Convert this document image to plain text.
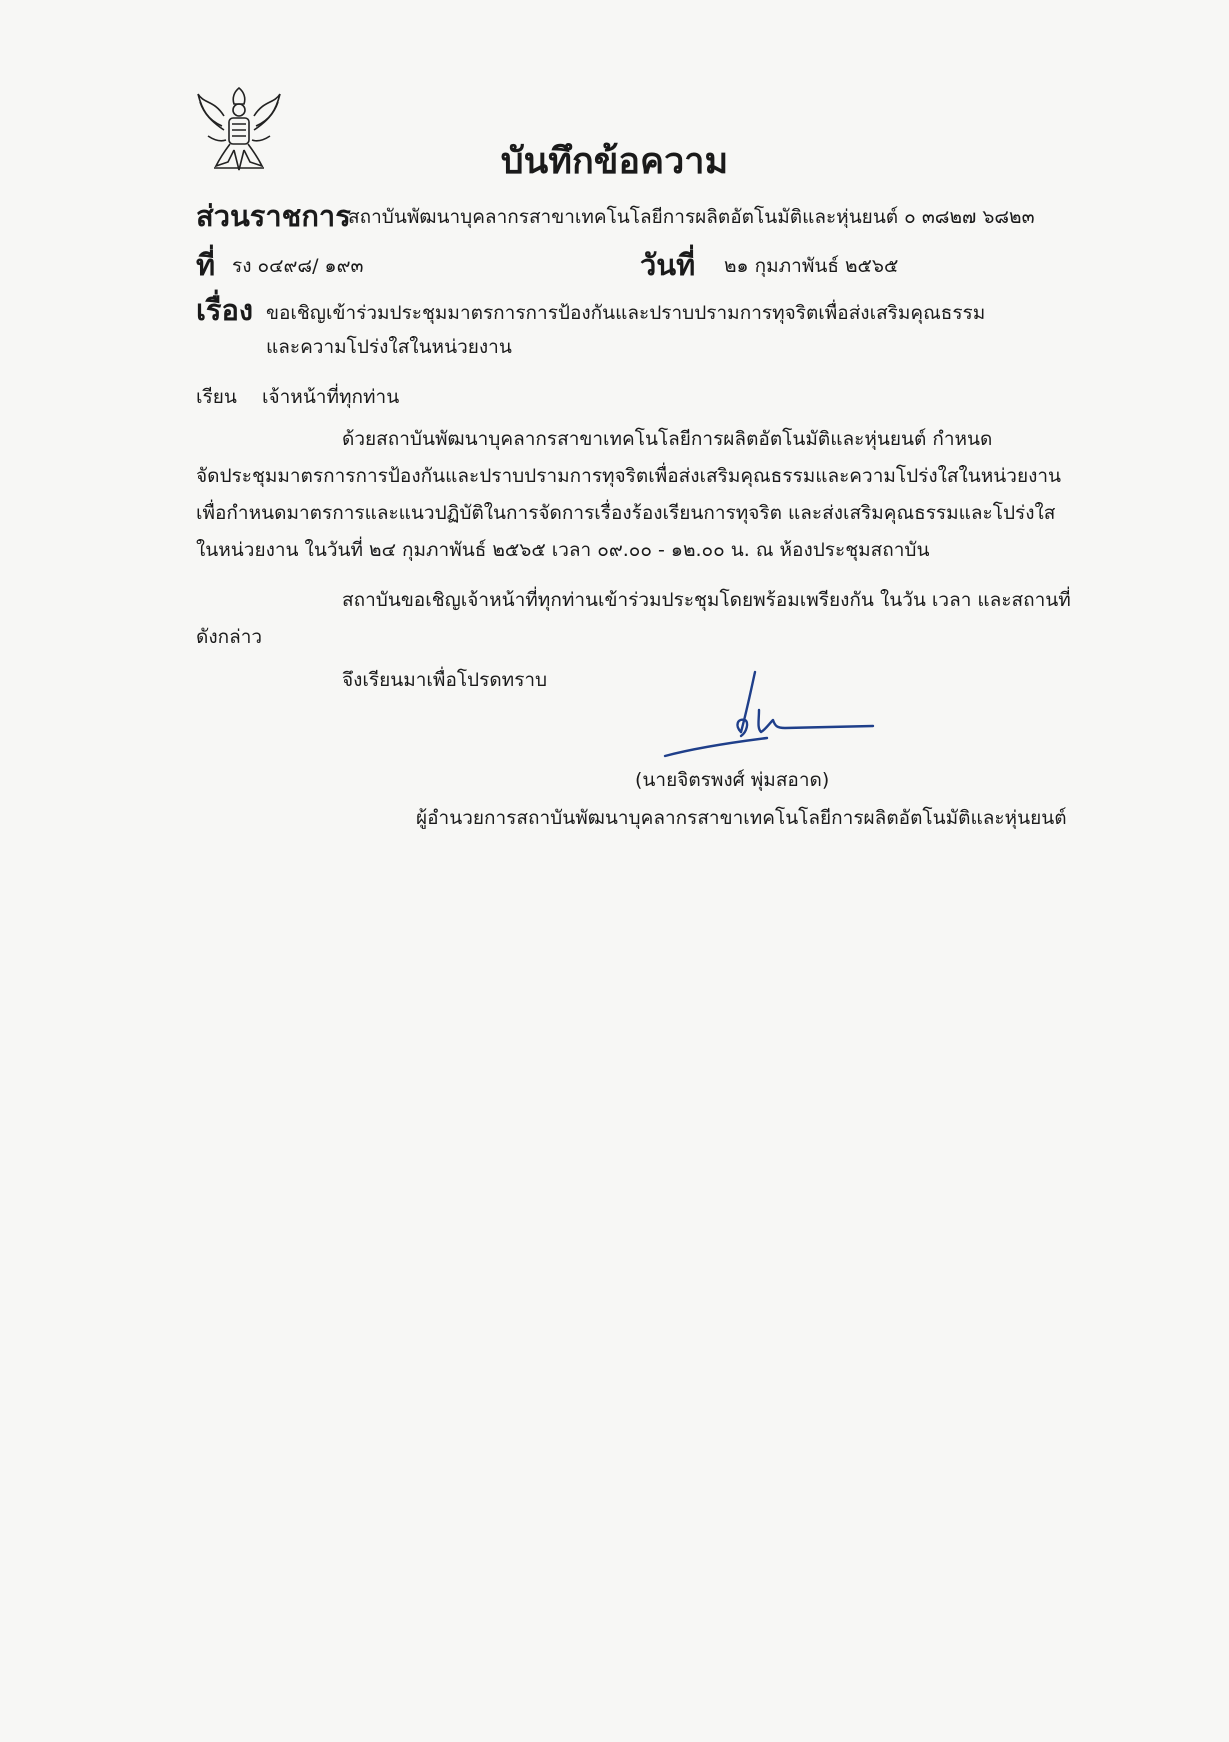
บันทึกข้อความ
ส่วนราชการ
สถาบันพัฒนาบุคลากรสาขาเทคโนโลยีการผลิตอัตโนมัติและหุ่นยนต์ ๐ ๓๘๒๗ ๖๘๒๓
ที่ รง ๐๔๙๘/ ๑๙๓	วันที่ ๒๑ กุมภาพันธ์ ๒๕๖๕
เรื่อง ขอเชิญเข้าร่วมประชุมมาตรการการป้องกันและปราบปรามการทุจริตเพื่อส่งเสริมคุณธรรม
และความโปร่งใสในหน่วยงาน
เรียน เจ้าหน้าที่ทุกท่าน
ด้วยสถาบันพัฒนาบุคลากรสาขาเทคโนโลยีการผลิตอัตโนมัติและหุ่นยนต์ กำหนด
จัดประชุมมาตรการการป้องกันและปราบปรามการทุจริตเพื่อส่งเสริมคุณธรรมและความโปร่งใสในหน่วยงาน
เพื่อกำหนดมาตรการและแนวปฏิบัติในการจัดการเรื่องร้องเรียนการทุจริต และส่งเสริมคุณธรรมและโปร่งใส
ในหน่วยงาน ในวันที่ ๒๔ กุมภาพันธ์ ๒๕๖๕ เวลา ๐๙.๐๐ - ๑๒.๐๐ น. ณ ห้องประชุมสถาบัน
สถาบันขอเชิญเจ้าหน้าที่ทุกท่านเข้าร่วมประชุมโดยพร้อมเพรียงกัน ในวัน เวลา และสถานที่
ดังกล่าว
จึงเรียนมาเพื่อโปรดทราบ
(นายจิตรพงศ์ พุ่มสอาด)
ผู้อำนวยการสถาบันพัฒนาบุคลากรสาขาเทคโนโลยีการผลิตอัตโนมัติและหุ่นยนต์
